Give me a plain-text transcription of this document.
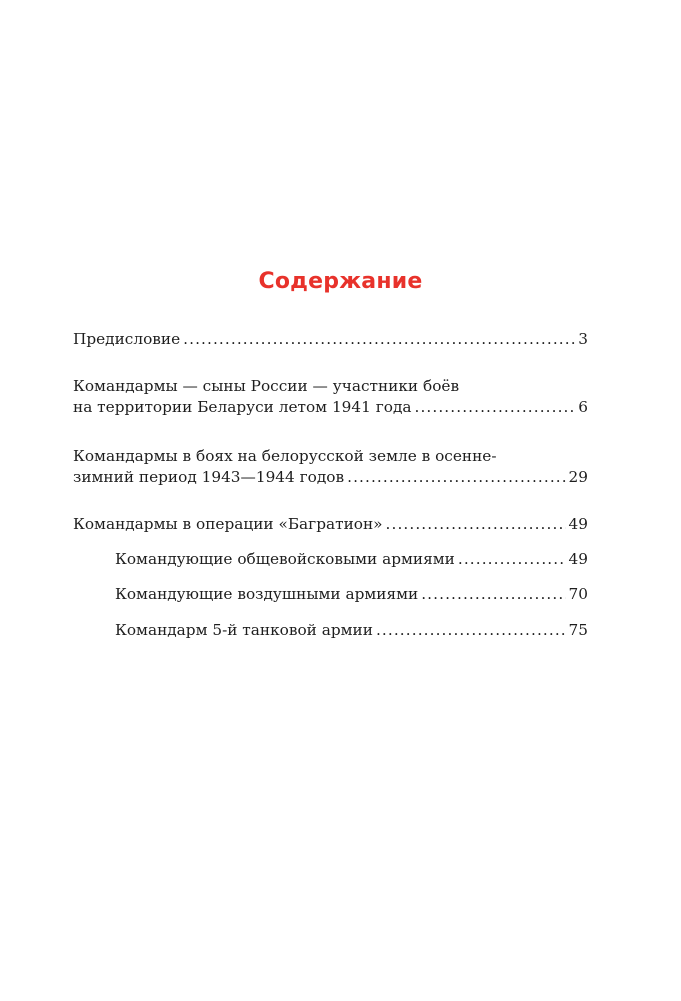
Содержание
Предисловие .....	3
Командармы — сыны России — участники боёв
на территории Беларуси летом 1941 года .....	6
Командармы в боях на белорусской земле в осенне-
зимний период 1943—1944 годов .....	29
Командармы в операции «Багратион» .....	49
Командующие общевойсковыми армиями .....	49
Командующие воздушными армиями .....	70
Командарм 5-й танковой армии .....	75
